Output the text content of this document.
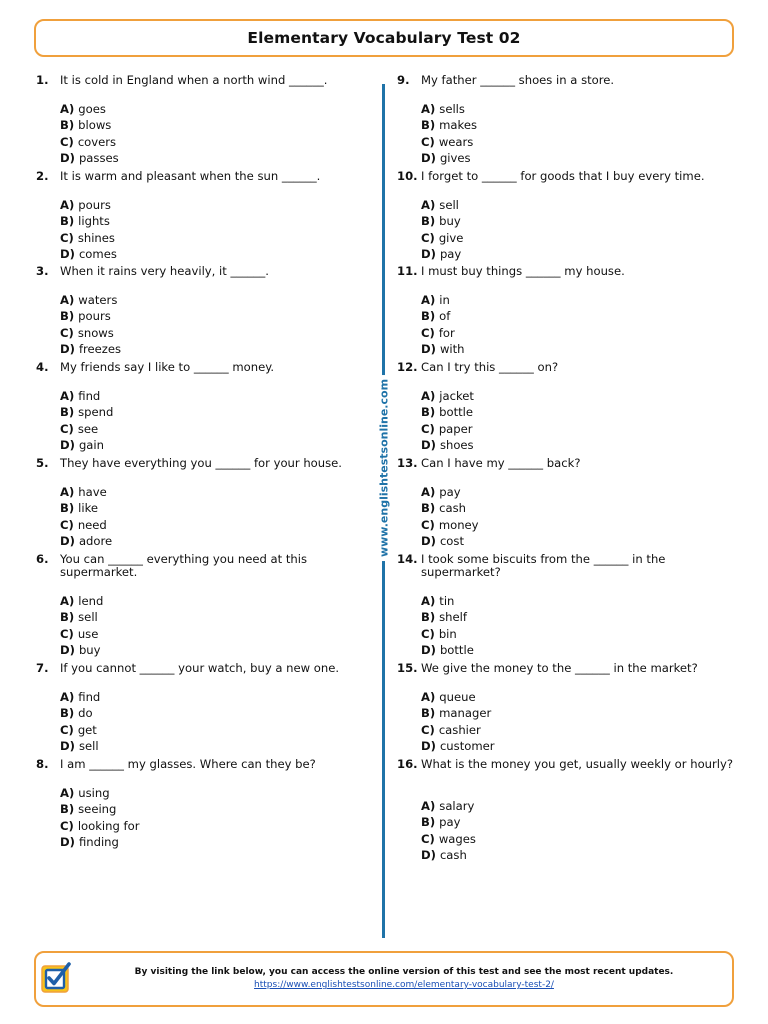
Elementary Vocabulary Test 02
1. It is cold in England when a north wind ______.
A) goes
B) blows
C) covers
D) passes
2. It is warm and pleasant when the sun ______.
A) pours
B) lights
C) shines
D) comes
3. When it rains very heavily, it ______.
A) waters
B) pours
C) snows
D) freezes
4. My friends say I like to ______ money.
A) find
B) spend
C) see
D) gain
5. They have everything you ______ for your house.
A) have
B) like
C) need
D) adore
6. You can ______ everything you need at this supermarket.
A) lend
B) sell
C) use
D) buy
7. If you cannot ______ your watch, buy a new one.
A) find
B) do
C) get
D) sell
8. I am ______ my glasses. Where can they be?
A) using
B) seeing
C) looking for
D) finding
9. My father ______ shoes in a store.
A) sells
B) makes
C) wears
D) gives
10. I forget to ______ for goods that I buy every time.
A) sell
B) buy
C) give
D) pay
11. I must buy things ______ my house.
A) in
B) of
C) for
D) with
12. Can I try this ______ on?
A) jacket
B) bottle
C) paper
D) shoes
13. Can I have my ______ back?
A) pay
B) cash
C) money
D) cost
14. I took some biscuits from the ______ in the supermarket?
A) tin
B) shelf
C) bin
D) bottle
15. We give the money to the ______ in the market?
A) queue
B) manager
C) cashier
D) customer
16. What is the money you get, usually weekly or hourly?
A) salary
B) pay
C) wages
D) cash
www.englishtestsonline.com
By visiting the link below, you can access the online version of this test and see the most recent updates.
https://www.englishtestsonline.com/elementary-vocabulary-test-2/
